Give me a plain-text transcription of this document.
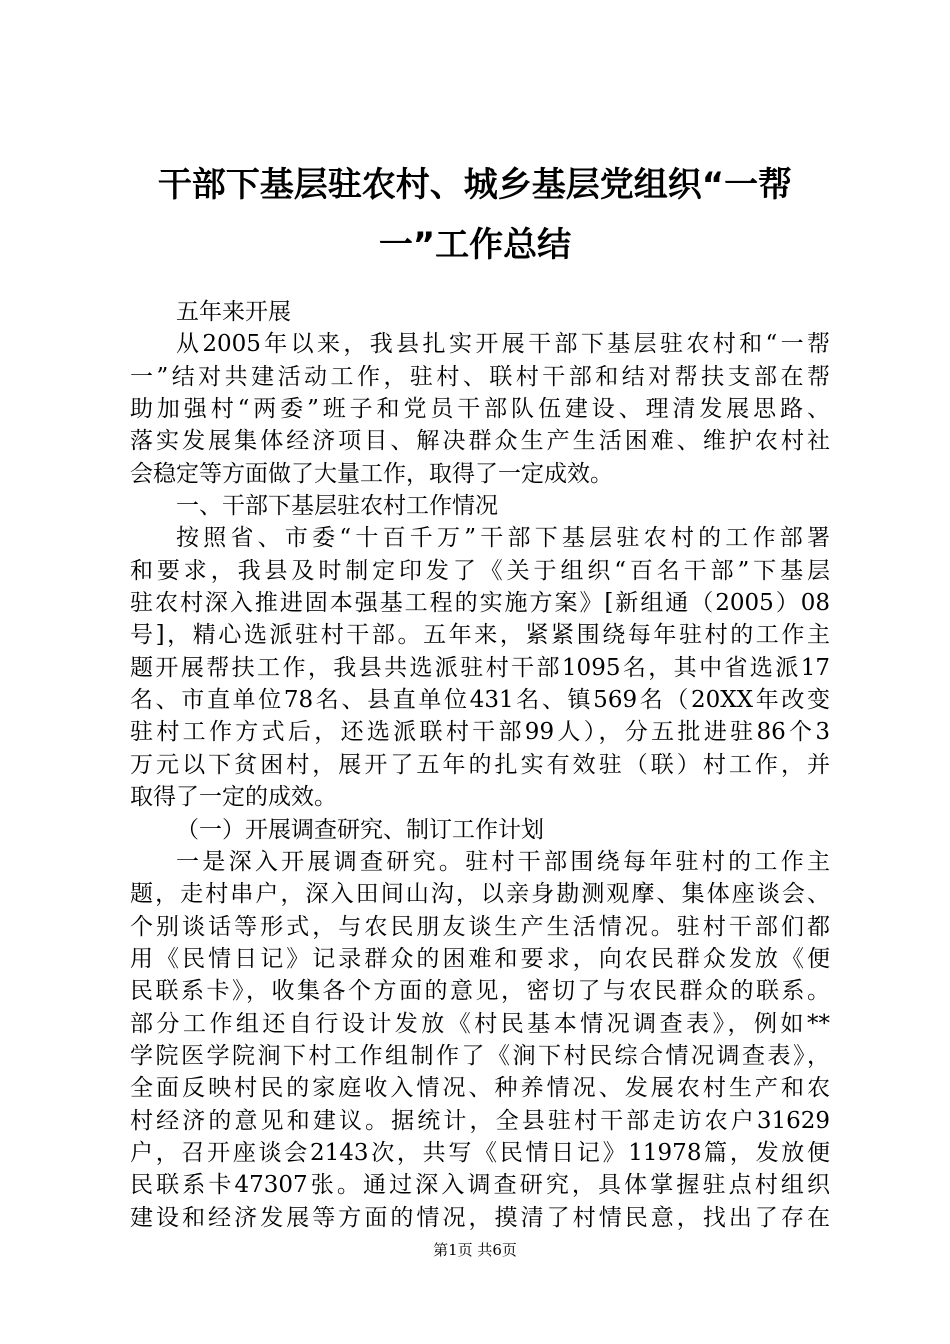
干部下基层驻农村、城乡基层党组织“一帮
一”工作总结
五年来开展
从2005年以来，我县扎实开展干部下基层驻农村和“一帮
一”结对共建活动工作，驻村、联村干部和结对帮扶支部在帮
助加强村“两委”班子和党员干部队伍建设、理清发展思路、
落实发展集体经济项目、解决群众生产生活困难、维护农村社
会稳定等方面做了大量工作，取得了一定成效。
一、干部下基层驻农村工作情况
按照省、市委“十百千万”干部下基层驻农村的工作部署
和要求，我县及时制定印发了《关于组织“百名干部”下基层
驻农村深入推进固本强基工程的实施方案》[新组通（2005）08
号]，精心选派驻村干部。五年来，紧紧围绕每年驻村的工作主
题开展帮扶工作，我县共选派驻村干部1095名，其中省选派17
名、市直单位78名、县直单位431名、镇569名（20XX年改变
驻村工作方式后，还选派联村干部99人），分五批进驻86个3
万元以下贫困村，展开了五年的扎实有效驻（联）村工作，并
取得了一定的成效。
（一）开展调查研究、制订工作计划
一是深入开展调查研究。驻村干部围绕每年驻村的工作主
题，走村串户，深入田间山沟，以亲身勘测观摩、集体座谈会、
个别谈话等形式，与农民朋友谈生产生活情况。驻村干部们都
用《民情日记》记录群众的困难和要求，向农民群众发放《便
民联系卡》，收集各个方面的意见，密切了与农民群众的联系。
部分工作组还自行设计发放《村民基本情况调查表》，例如**
学院医学院涧下村工作组制作了《涧下村民综合情况调查表》，
全面反映村民的家庭收入情况、种养情况、发展农村生产和农
村经济的意见和建议。据统计，全县驻村干部走访农户31629
户，召开座谈会2143次，共写《民情日记》11978篇，发放便
民联系卡47307张。通过深入调查研究，具体掌握驻点村组织
建设和经济发展等方面的情况，摸清了村情民意，找出了存在
第1页 共6页
